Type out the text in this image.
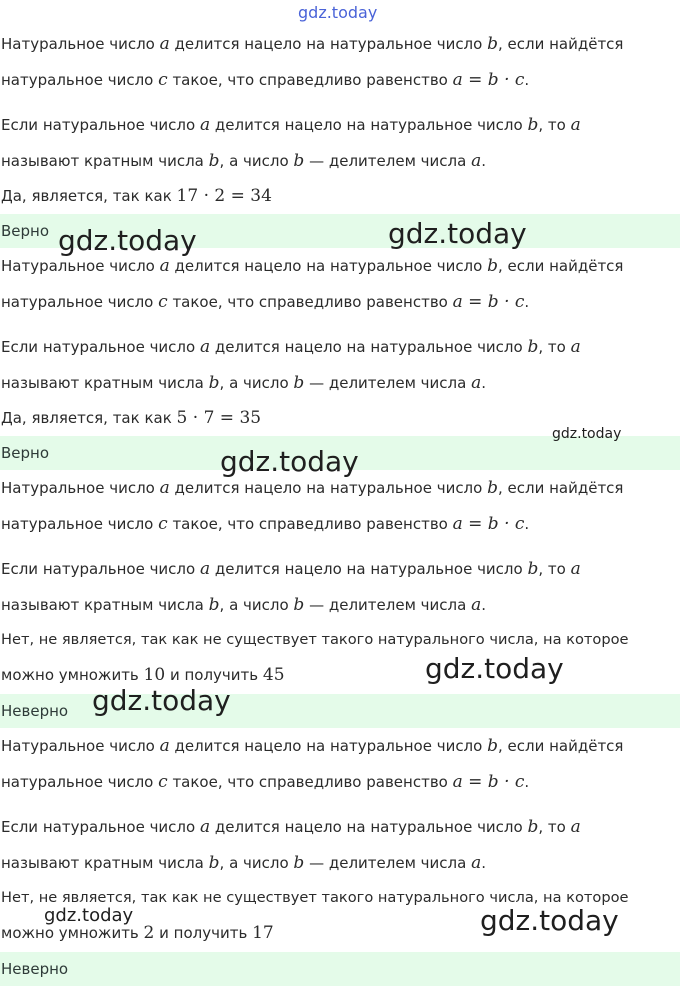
gdz.today
Натуральное число a делится нацело на натуральное число b, если найдётся
натуральное число c такое, что справедливо равенство a = b · c.
Если натуральное число a делится нацело на натуральное число b, то a
называют кратным числа b, а число b — делителем числа a.
Да, является, так как 17 · 2 = 34
Верно
Натуральное число a делится нацело на натуральное число b, если найдётся
натуральное число c такое, что справедливо равенство a = b · c.
Если натуральное число a делится нацело на натуральное число b, то a
называют кратным числа b, а число b — делителем числа a.
Да, является, так как 5 · 7 = 35
Верно
Натуральное число a делится нацело на натуральное число b, если найдётся
натуральное число c такое, что справедливо равенство a = b · c.
Если натуральное число a делится нацело на натуральное число b, то a
называют кратным числа b, а число b — делителем числа a.
Нет, не является, так как не существует такого натурального числа, на которое
можно умножить 10 и получить 45
Неверно
Натуральное число a делится нацело на натуральное число b, если найдётся
натуральное число c такое, что справедливо равенство a = b · c.
Если натуральное число a делится нацело на натуральное число b, то a
называют кратным числа b, а число b — делителем числа a.
Нет, не является, так как не существует такого натурального числа, на которое
можно умножить 2 и получить 17
Неверно
gdz.today	gdz.today
gdz.today
gdz.today
gdz.today
gdz.today
gdz.today	gdz.today
